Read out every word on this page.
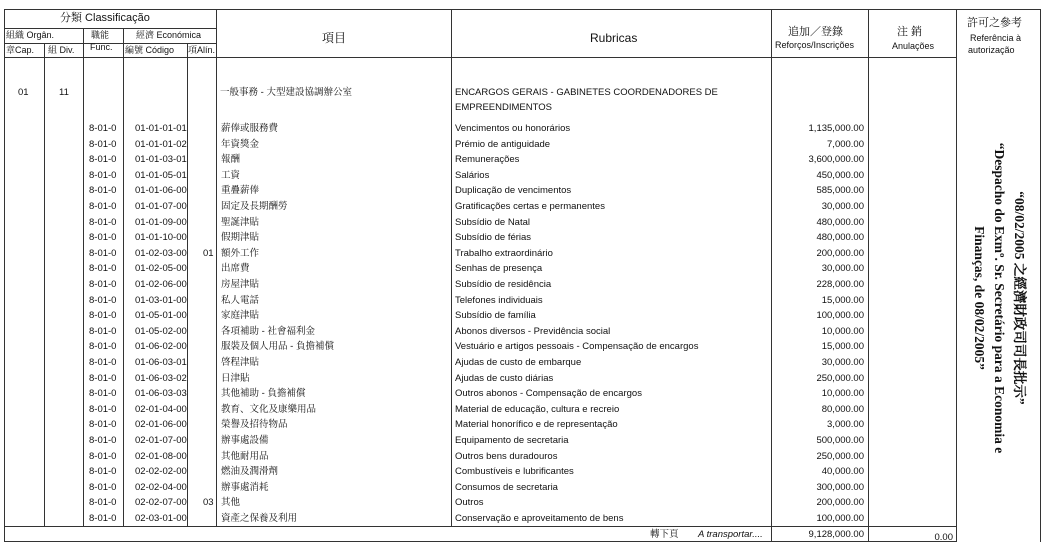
分類 Classificação
組織 Orgân.
章Cap. 組 Div.
職能
Func.
經濟 Económica
編號 Código 項Alín.
項目	Rubricas	追加／登錄
Reforços/Inscrições
注 銷
Anulações
許可之參考
Referência à
autorização
01	11	一般事務 - 大型建設協調辦公室	ENCARGOS GERAIS - GABINETES COORDENADORES DE
EMPREENDIMENTOS
8-01-0 01-01-01-01	薪俸或服務費	Vencimentos ou honorários	1,135,000.00
8-01-0 01-01-01-02	年資獎金	Prémio de antiguidade	7,000.00
8-01-0 01-01-03-01	報酬	Remunerações	3,600,000.00
8-01-0 01-01-05-01	工資	Salários	450,000.00
8-01-0 01-01-06-00	重疊薪俸	Duplicação de vencimentos	585,000.00
8-01-0 01-01-07-00	固定及長期酬勞	Gratificações certas e permanentes	30,000.00
8-01-0 01-01-09-00	聖誕津貼	Subsídio de Natal	480,000.00
8-01-0 01-01-10-00	假期津貼	Subsídio de férias	480,000.00
8-01-0 01-02-03-00 01 額外工作	Trabalho extraordinário	200,000.00
8-01-0 01-02-05-00	出席費	Senhas de presença	30,000.00
8-01-0 01-02-06-00	房屋津貼	Subsídio de residência	228,000.00
8-01-0 01-03-01-00	私人電話	Telefones individuais	15,000.00
8-01-0 01-05-01-00	家庭津貼	Subsídio de família	100,000.00
8-01-0 01-05-02-00	各項補助 - 社會福利金	Abonos diversos - Previdência social	10,000.00
8-01-0 01-06-02-00	服裝及個人用品 - 負擔補償	Vestuário e artigos pessoais - Compensação de encargos	15,000.00
8-01-0 01-06-03-01	啓程津貼	Ajudas de custo de embarque	30,000.00
8-01-0 01-06-03-02	日津貼	Ajudas de custo diárias	250,000.00
8-01-0 01-06-03-03	其他補助 - 負擔補償	Outros abonos - Compensação de encargos	10,000.00
8-01-0 02-01-04-00	教育、文化及康樂用品	Material de educação, cultura e recreio	80,000.00
8-01-0 02-01-06-00	榮譽及招待物品	Material honorífico e de representação	3,000.00
8-01-0 02-01-07-00	辦事處設備	Equipamento de secretaria	500,000.00
8-01-0 02-01-08-00	其他耐用品	Outros bens duradouros	250,000.00
8-01-0 02-02-02-00	燃油及潤滑劑	Combustíveis e lubrificantes	40,000.00
8-01-0 02-02-04-00	辦事處消耗	Consumos de secretaria	300,000.00
8-01-0 02-02-07-00 03 其他	Outros	200,000.00
8-01-0 02-03-01-00	資產之保養及利用	Conservação e aproveitamento de bens	100,000.00
轉下頁 A transportar....	9,128,000.00	0.00
“08/02/2005 之經濟財政司司長批示”
“Despacho do Exmº. Sr. Secretário para a Economia e
Finanças, de 08/02/2005”
